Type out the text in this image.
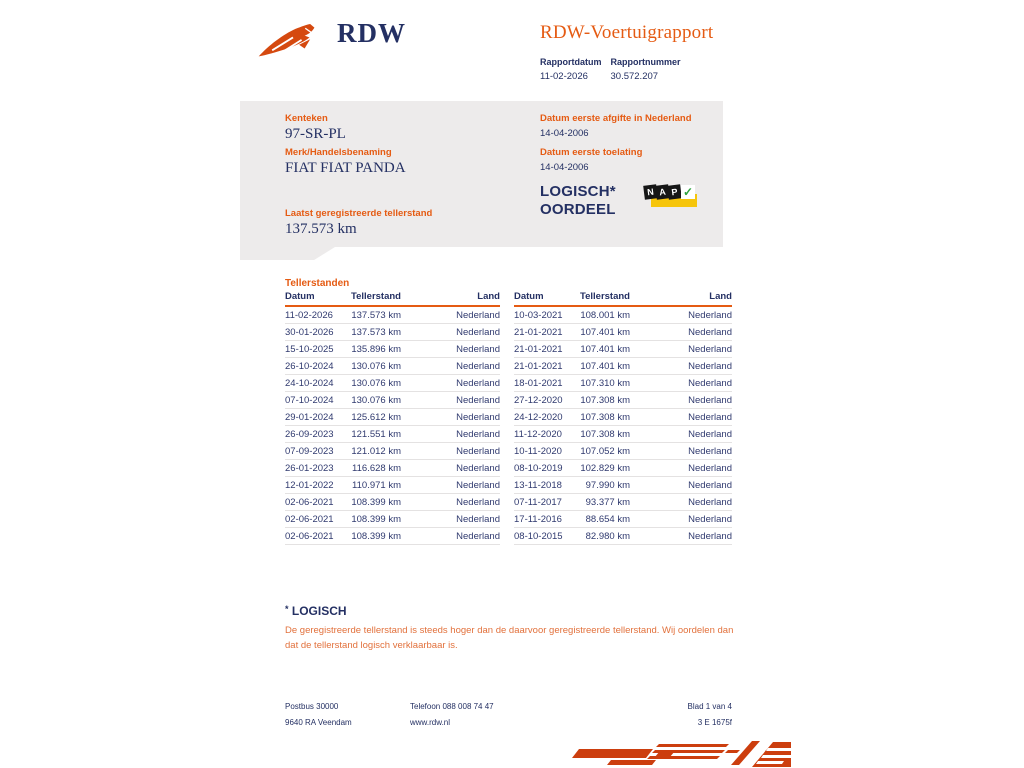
RDW	RDW-Voertuigrapport
Rapportdatum
11-02-2026
Rapportnummer
30.572.207
Kenteken
97-SR-PL
Merk/Handelsbenaming
FIAT FIAT PANDA
Laatst geregistreerde tellerstand
137.573 km
Datum eerste afgifte in Nederland
14-04-2006
Datum eerste toelating
14-04-2006
LOGISCH*
OORDEEL
N A P ✓
Tellerstanden
Datum	Tellerstand	Land
11-02-2026	137.573 km	Nederland
30-01-2026	137.573 km	Nederland
15-10-2025	135.896 km	Nederland
26-10-2024	130.076 km	Nederland
24-10-2024	130.076 km	Nederland
07-10-2024	130.076 km	Nederland
29-01-2024	125.612 km	Nederland
26-09-2023	121.551 km	Nederland
07-09-2023	121.012 km	Nederland
26-01-2023	116.628 km	Nederland
12-01-2022	110.971 km	Nederland
02-06-2021	108.399 km	Nederland
02-06-2021	108.399 km	Nederland
02-06-2021	108.399 km	Nederland
Datum	Tellerstand	Land
10-03-2021	108.001 km	Nederland
21-01-2021	107.401 km	Nederland
21-01-2021	107.401 km	Nederland
21-01-2021	107.401 km	Nederland
18-01-2021	107.310 km	Nederland
27-12-2020	107.308 km	Nederland
24-12-2020	107.308 km	Nederland
11-12-2020	107.308 km	Nederland
10-11-2020	107.052 km	Nederland
08-10-2019	102.829 km	Nederland
13-11-2018	97.990 km	Nederland
07-11-2017	93.377 km	Nederland
17-11-2016	88.654 km	Nederland
08-10-2015	82.980 km	Nederland
* LOGISCH
De geregistreerde tellerstand is steeds hoger dan de daarvoor geregistreerde tellerstand. Wij oordelen dan dat de tellerstand logisch verklaarbaar is.
Postbus 30000
9640 RA Veendam
Telefoon 088 008 74 47
www.rdw.nl
Blad 1 van 4
3 E 1675f
